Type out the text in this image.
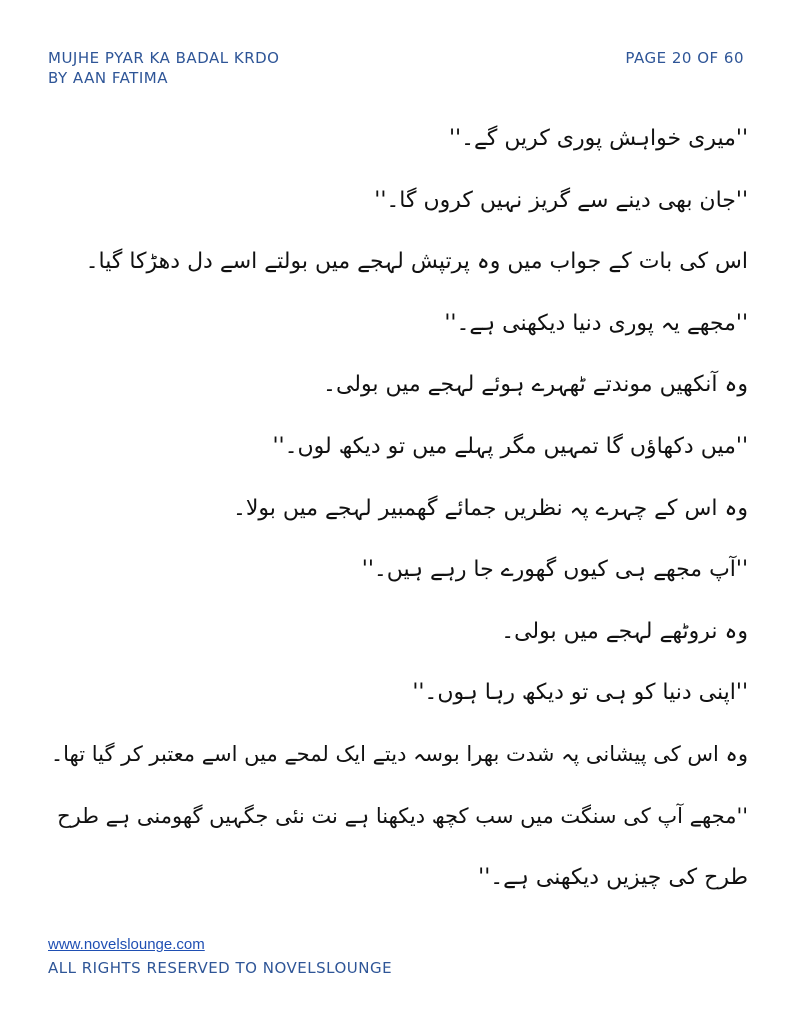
MUJHE PYAR KA BADAL KRDO
BY AAN FATIMA
PAGE 20 OF 60
''میری خواہش پوری کریں گے۔''
''جان بھی دینے سے گریز نہیں کروں گا۔''
اس کی بات کے جواب میں وہ پرتپش لہجے میں بولتے اسے دل دھڑکا گیا۔
''مجھے یہ پوری دنیا دیکھنی ہے۔''
وہ آنکھیں موندتے ٹھہرے ہوئے لہجے میں بولی۔
''میں دکھاؤں گا تمہیں مگر پہلے میں تو دیکھ لوں۔''
وہ اس کے چہرے پہ نظریں جمائے گھمبیر لہجے میں بولا۔
''آپ مجھے ہی کیوں گھورے جا رہے ہیں۔''
وہ نروٹھے لہجے میں بولی۔
''اپنی دنیا کو ہی تو دیکھ رہا ہوں۔''
وہ اس کی پیشانی پہ شدت بھرا بوسہ دیتے ایک لمحے میں اسے معتبر کر گیا تھا۔
''مجھے آپ کی سنگت میں سب کچھ دیکھنا ہے نت نئی جگہیں گھومنی ہے طرح
طرح کی چیزیں دیکھنی ہے۔''
www.novelslounge.com
ALL RIGHTS RESERVED TO NOVELSLOUNGE
